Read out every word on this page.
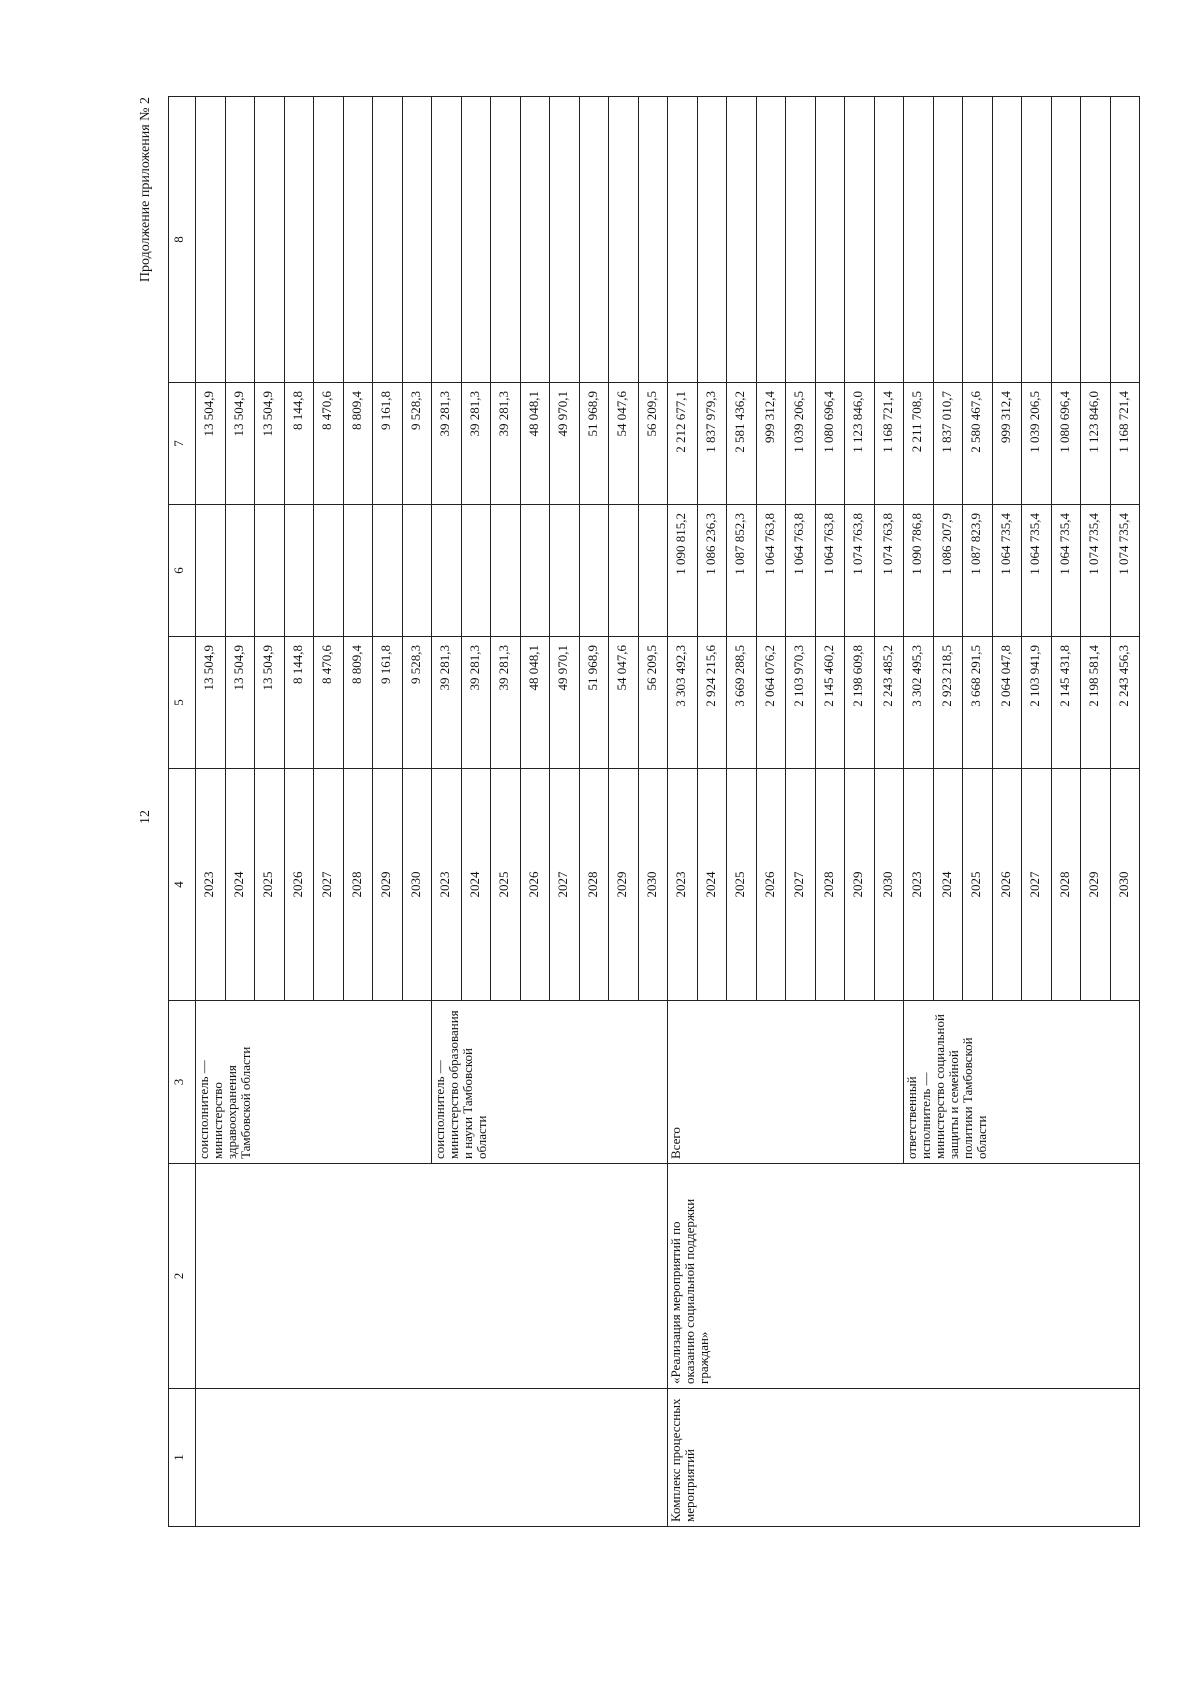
12
Продолжение приложения № 2
1	2	3	4	5	6	7	8	
		соисполнитель — министерство здравоохранения Тамбовской области	2023	13 504,9		13 504,9		
			2024	13 504,9		13 504,9		
			2025	13 504,9		13 504,9		
			2026	8 144,8		8 144,8		
			2027	8 470,6		8 470,6		
			2028	8 809,4		8 809,4		
			2029	9 161,8		9 161,8		
			2030	9 528,3		9 528,3		
		соисполнитель — министерство образования и науки Тамбовской области	2023	39 281,3		39 281,3		
			2024	39 281,3		39 281,3		
			2025	39 281,3		39 281,3		
			2026	48 048,1		48 048,1		
			2027	49 970,1		49 970,1		
			2028	51 968,9		51 968,9		
			2029	54 047,6		54 047,6		
			2030	56 209,5		56 209,5		
Комплекс процессных мероприятий	«Реализация мероприятий по оказанию социальной поддержки граждан»	Всего	2023	3 303 492,3	1 090 815,2	2 212 677,1		
			2024	2 924 215,6	1 086 236,3	1 837 979,3		
			2025	3 669 288,5	1 087 852,3	2 581 436,2		
			2026	2 064 076,2	1 064 763,8	999 312,4		
			2027	2 103 970,3	1 064 763,8	1 039 206,5		
			2028	2 145 460,2	1 064 763,8	1 080 696,4		
			2029	2 198 609,8	1 074 763,8	1 123 846,0		
			2030	2 243 485,2	1 074 763,8	1 168 721,4		
		ответственный исполнитель — министерство социальной защиты и семейной политики Тамбовской области	2023	3 302 495,3	1 090 786,8	2 211 708,5		
			2024	2 923 218,5	1 086 207,9	1 837 010,7		
			2025	3 668 291,5	1 087 823,9	2 580 467,6		
			2026	2 064 047,8	1 064 735,4	999 312,4		
			2027	2 103 941,9	1 064 735,4	1 039 206,5		
			2028	2 145 431,8	1 064 735,4	1 080 696,4		
			2029	2 198 581,4	1 074 735,4	1 123 846,0		
			2030	2 243 456,3	1 074 735,4	1 168 721,4		
